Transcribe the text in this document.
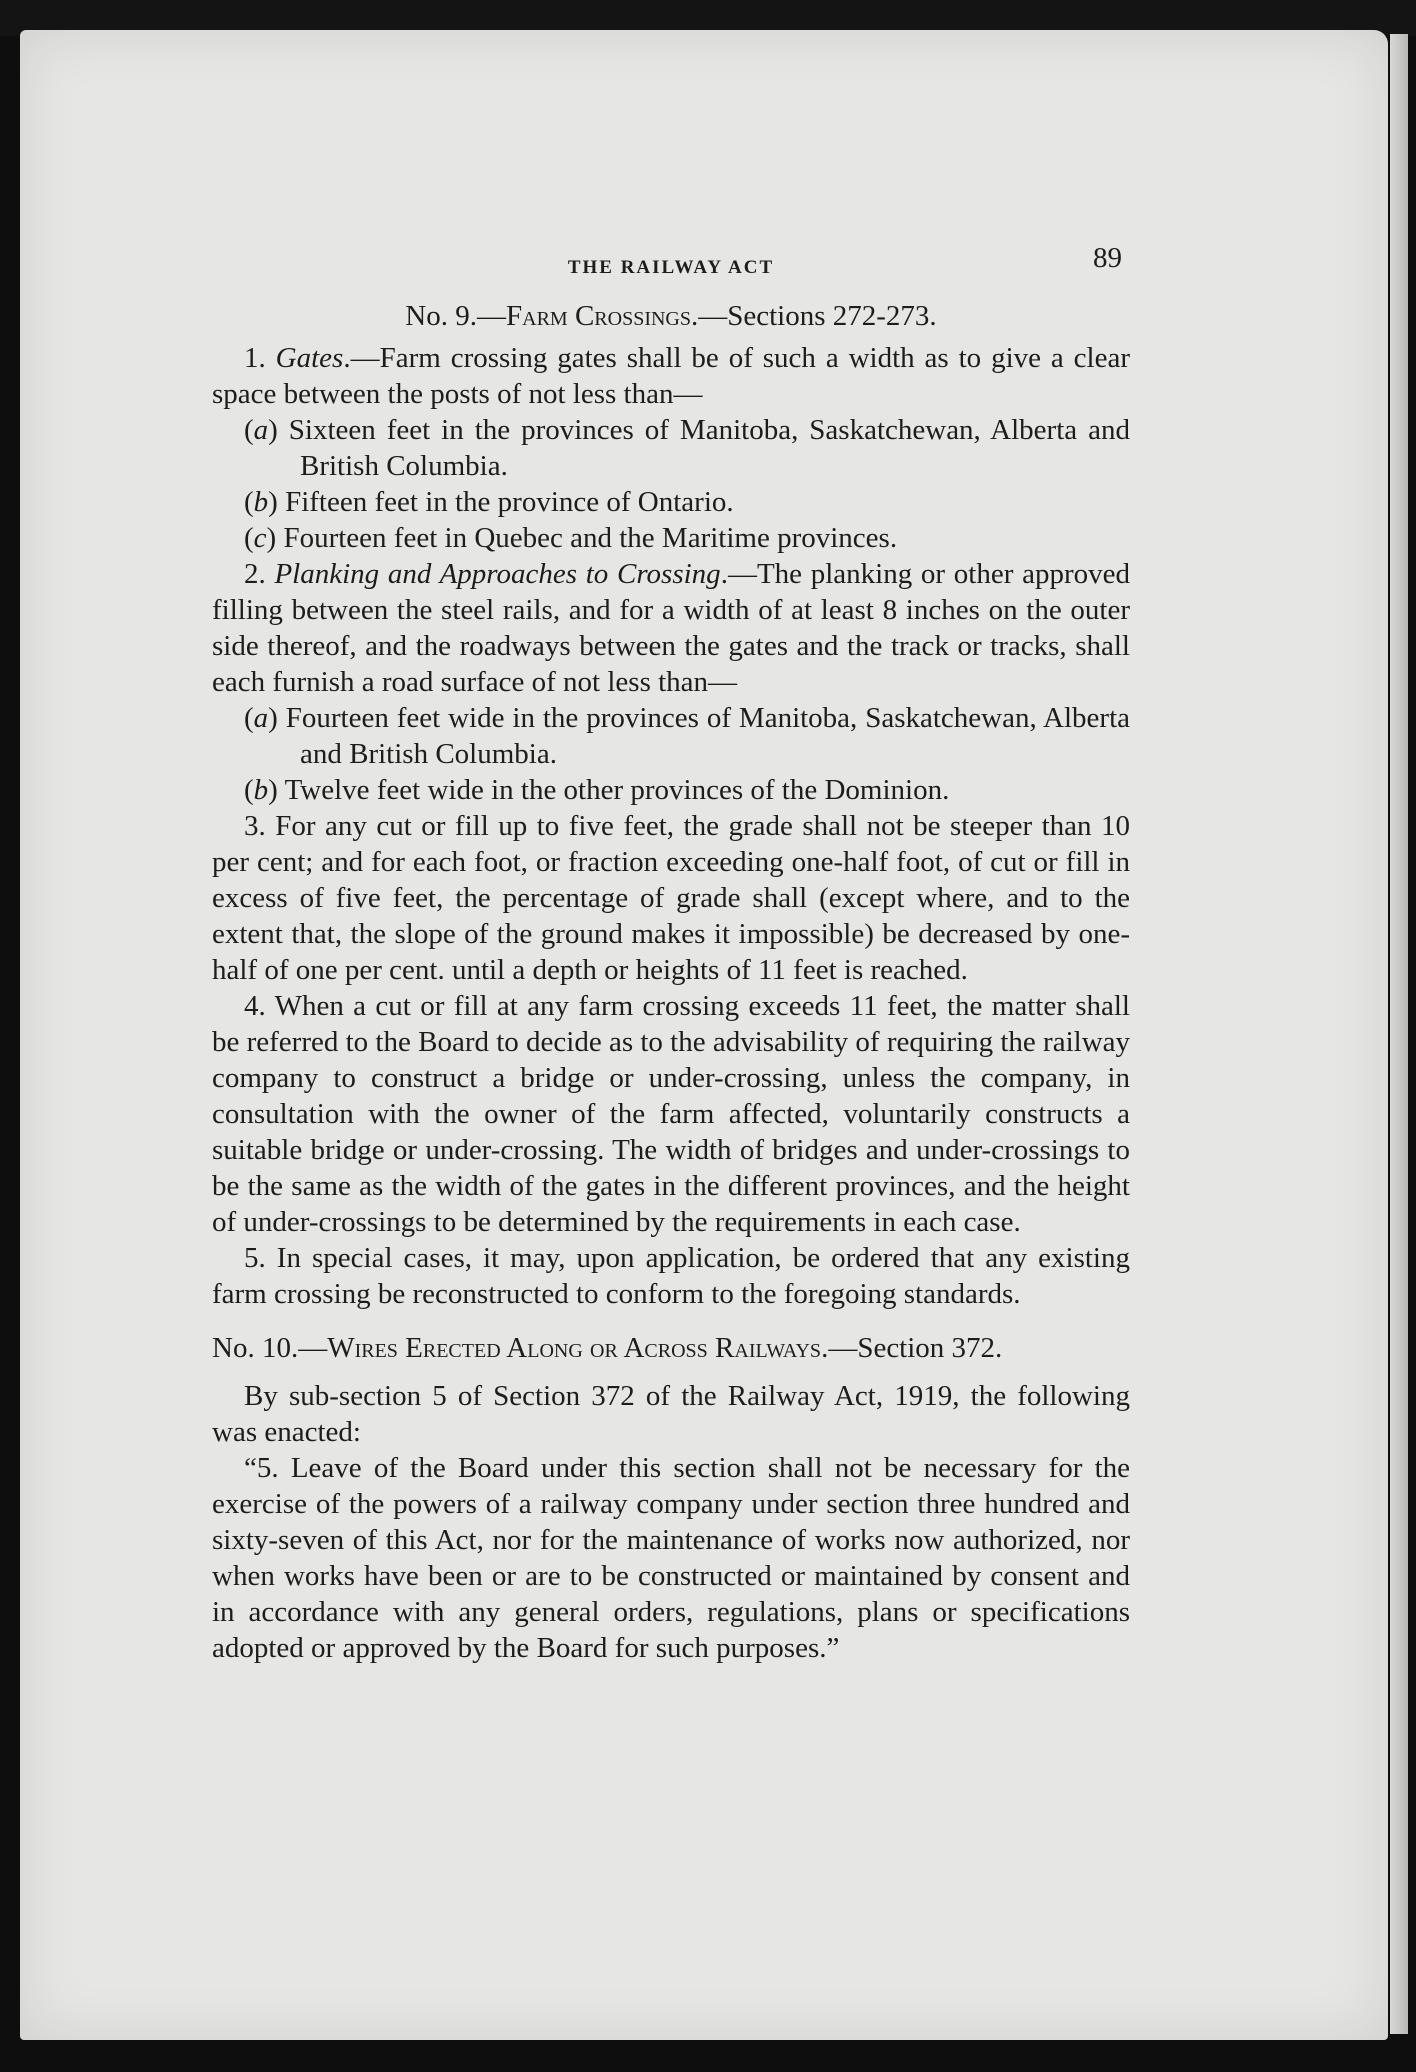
THE RAILWAY ACT	89
No. 9.—Farm Crossings.—Sections 272-273.

1. Gates.—Farm crossing gates shall be of such a width as to give a clear space between the posts of not less than—

(a) Sixteen feet in the provinces of Manitoba, Saskatchewan, Alberta and British Columbia.

(b) Fifteen feet in the province of Ontario.

(c) Fourteen feet in Quebec and the Maritime provinces.

2. Planking and Approaches to Crossing.—The planking or other approved filling between the steel rails, and for a width of at least 8 inches on the outer side thereof, and the roadways between the gates and the track or tracks, shall each furnish a road surface of not less than—

(a) Fourteen feet wide in the provinces of Manitoba, Saskatchewan, Alberta and British Columbia.

(b) Twelve feet wide in the other provinces of the Dominion.

3. For any cut or fill up to five feet, the grade shall not be steeper than 10 per cent; and for each foot, or fraction exceeding one-half foot, of cut or fill in excess of five feet, the percentage of grade shall (except where, and to the extent that, the slope of the ground makes it impossible) be decreased by one-half of one per cent. until a depth or heights of 11 feet is reached.

4. When a cut or fill at any farm crossing exceeds 11 feet, the matter shall be referred to the Board to decide as to the advisability of requiring the railway company to construct a bridge or under-crossing, unless the company, in consultation with the owner of the farm affected, voluntarily constructs a suitable bridge or under-crossing. The width of bridges and under-crossings to be the same as the width of the gates in the different provinces, and the height of under-crossings to be determined by the requirements in each case.

5. In special cases, it may, upon application, be ordered that any existing farm crossing be reconstructed to conform to the foregoing standards.

No. 10.—Wires Erected Along or Across Railways.—Section 372.

By sub-section 5 of Section 372 of the Railway Act, 1919, the following was enacted:

“5. Leave of the Board under this section shall not be necessary for the exercise of the powers of a railway company under section three hundred and sixty-seven of this Act, nor for the maintenance of works now authorized, nor when works have been or are to be constructed or maintained by consent and in accordance with any general orders, regulations, plans or specifications adopted or approved by the Board for such purposes.”
